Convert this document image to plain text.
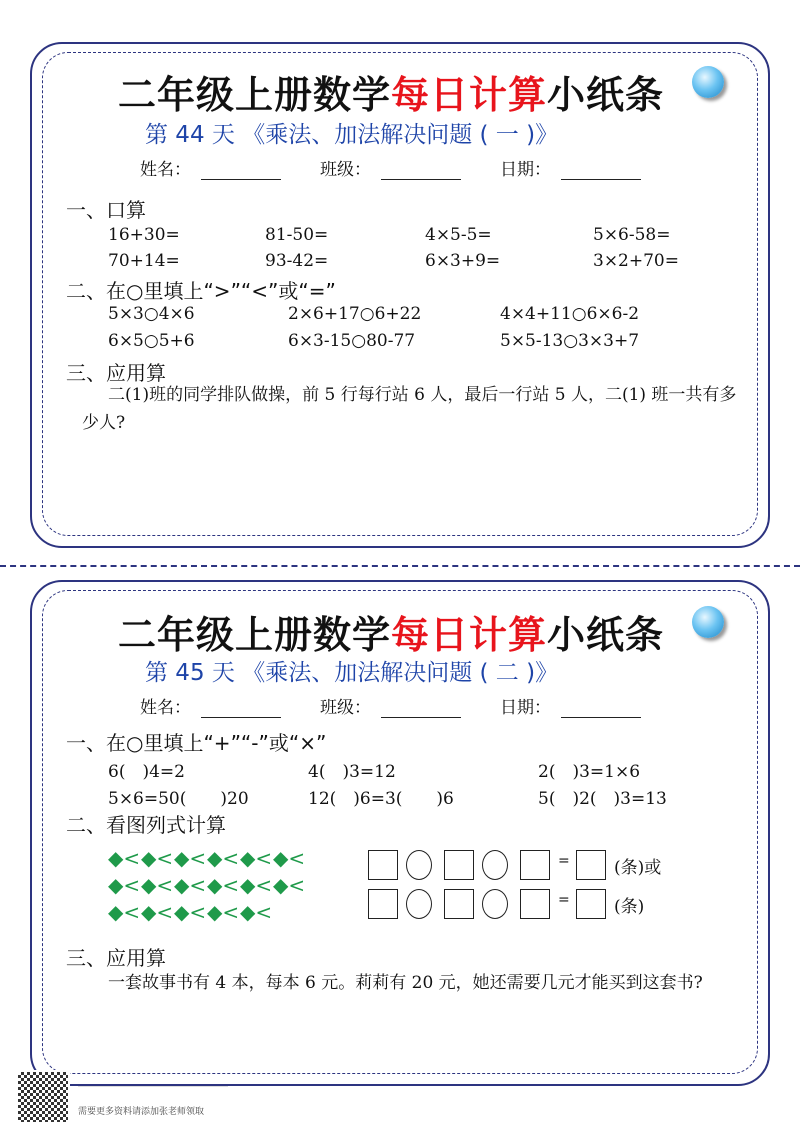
二年级上册数学每日计算小纸条
第 44 天 《乘法、加法解决问题 ( 一 )》
姓名：	班级：	日期：
一、口算
16+30=	81-50=	4×5-5=	5×6-58=
70+14=	93-42=	6×3+9=	3×2+70=
二、在○里填上“>”“<”或“=”
5×3○4×6	2×6+17○6+22	4×4+11○6×6-2
6×5○5+6	6×3-15○80-77	5×5-13○3×3+7
三、应用算
二(1)班的同学排队做操，前 5 行每行站 6 人，最后一行站 5 人，二(1) 班一共有多少人?
二年级上册数学每日计算小纸条
第 45 天 《乘法、加法解决问题 ( 二 )》
姓名：	班级：	日期：
一、在○里填上“+”“-”或“×”
6(　)4=2	4(　)3=12	2(　)3=1×6
5×6=50(　　)20	12(　)6=3(　　)6	5(　)2(　)3=13
二、看图列式计算
◆< ◆< ◆< ◆< ◆< ◆<
◆< ◆< ◆< ◆< ◆< ◆<
◆< ◆< ◆< ◆< ◆<
=	(条)或
=	(条)
三、应用算
一套故事书有 4 本，每本 6 元。莉莉有 20 元，她还需要几元才能买到这套书?
需要更多资料请添加张老师领取
